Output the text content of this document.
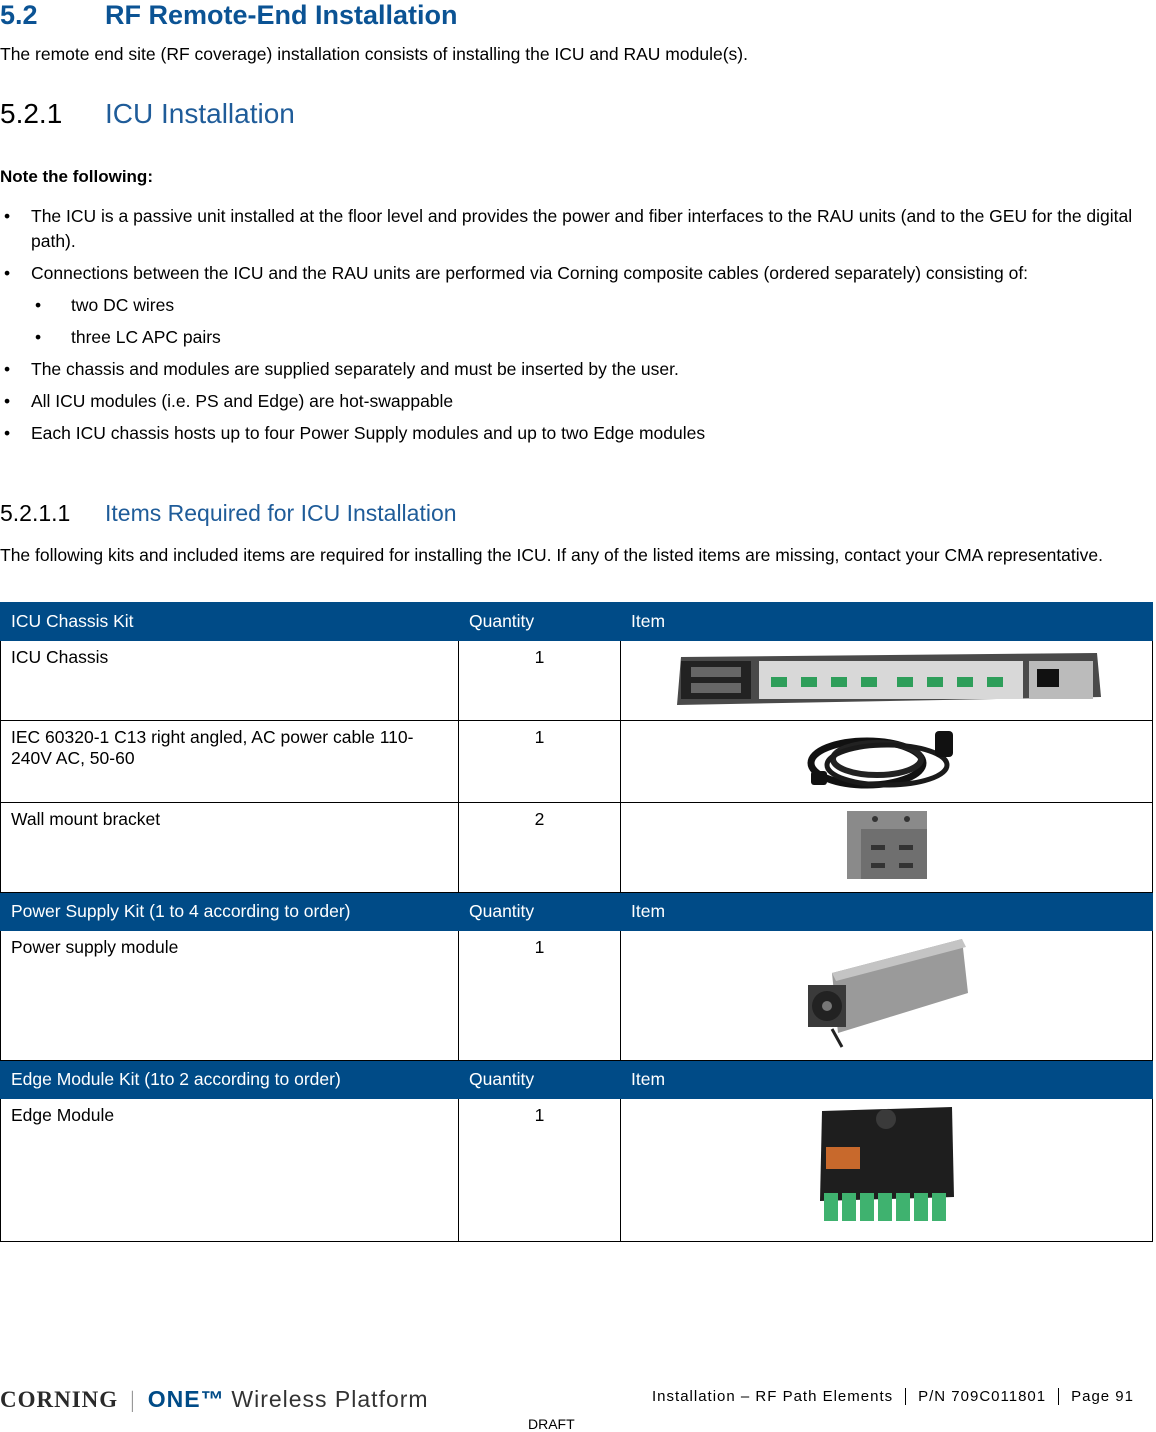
5.2 RF Remote-End Installation
The remote end site (RF coverage) installation consists of installing the ICU and RAU module(s).
5.2.1 ICU Installation
Note the following:
• The ICU is a passive unit installed at the floor level and provides the power and fiber interfaces to the RAU units (and to the GEU for the digital path).
• Connections between the ICU and the RAU units are performed via Corning composite cables (ordered separately) consisting of:
• two DC wires
• three LC APC pairs
• The chassis and modules are supplied separately and must be inserted by the user.
• All ICU modules (i.e. PS and Edge) are hot-swappable
• Each ICU chassis hosts up to four Power Supply modules and up to two Edge modules
5.2.1.1 Items Required for ICU Installation
The following kits and included items are required for installing the ICU. If any of the listed items are missing, contact your CMA representative.
ICU Chassis Kit	Quantity	Item
ICU Chassis	1	
IEC 60320-1 C13 right angled, AC power cable 110-240V AC, 50-60	1	
Wall mount bracket	2	
Power Supply Kit (1 to 4 according to order)	Quantity	Item
Power supply module	1	
Edge Module Kit (1to 2 according to order)	Quantity	Item
Edge Module	1	
CORNING | ONE™ Wireless Platform	Installation – RF Path Elements P/N 709C011801 Page 91
DRAFT
